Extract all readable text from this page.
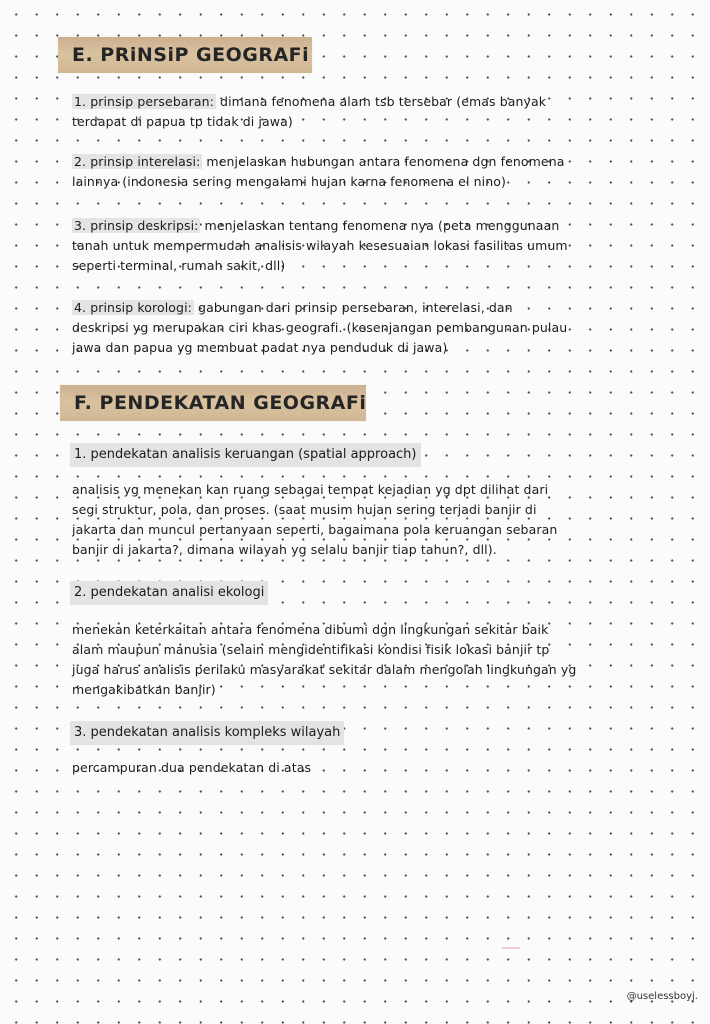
E. PRiNSiP GEOGRAFi
1. prinsip persebaran: dimana fenomena alam tsb tersebar (emas banyak
terdapat di papua tp tidak di jawa)
2. prinsip interelasi: menjelaskan hubungan antara fenomena dgn fenomena
lainnya (indonesia sering mengalami hujan karna fenomena el nino)
3. prinsip deskripsi: menjelaskan tentang fenomena nya (peta menggunaan
tanah untuk mempermudah analisis wilayah kesesuaian lokasi fasilitas umum
seperti terminal, rumah sakit, dll)
4. prinsip korologi: gabungan dari prinsip persebaran, interelasi, dan
deskripsi yg merupakan ciri khas geografi. (kesenjangan pembangunan pulau
jawa dan papua yg membuat padat nya penduduk di jawa)
F. PENDEKATAN GEOGRAFi
1. pendekatan analisis keruangan (spatial approach)
analisis yg menekan kan ruang sebagai tempat kejadian yg dpt dilihat dari
segi struktur, pola, dan proses. (saat musim hujan sering terjadi banjir di
jakarta dan muncul pertanyaan seperti, bagaimana pola keruangan sebaran
banjir di jakarta?, dimana wilayah yg selalu banjir tiap tahun?, dll).
2. pendekatan analisi ekologi
menekan keterkaitan antara fenomena dibumi dgn lingkungan sekitar baik
alam maupun manusia (selain mengidentifikasi kondisi fisik lokasi banjir tp
juga harus analisis perilaku masyarakat sekitar dalam mengolah lingkungan yg
mengakibatkan banjir)
3. pendekatan analisis kompleks wilayah
percampuran dua pendekatan di atas
@uselessboyj.
